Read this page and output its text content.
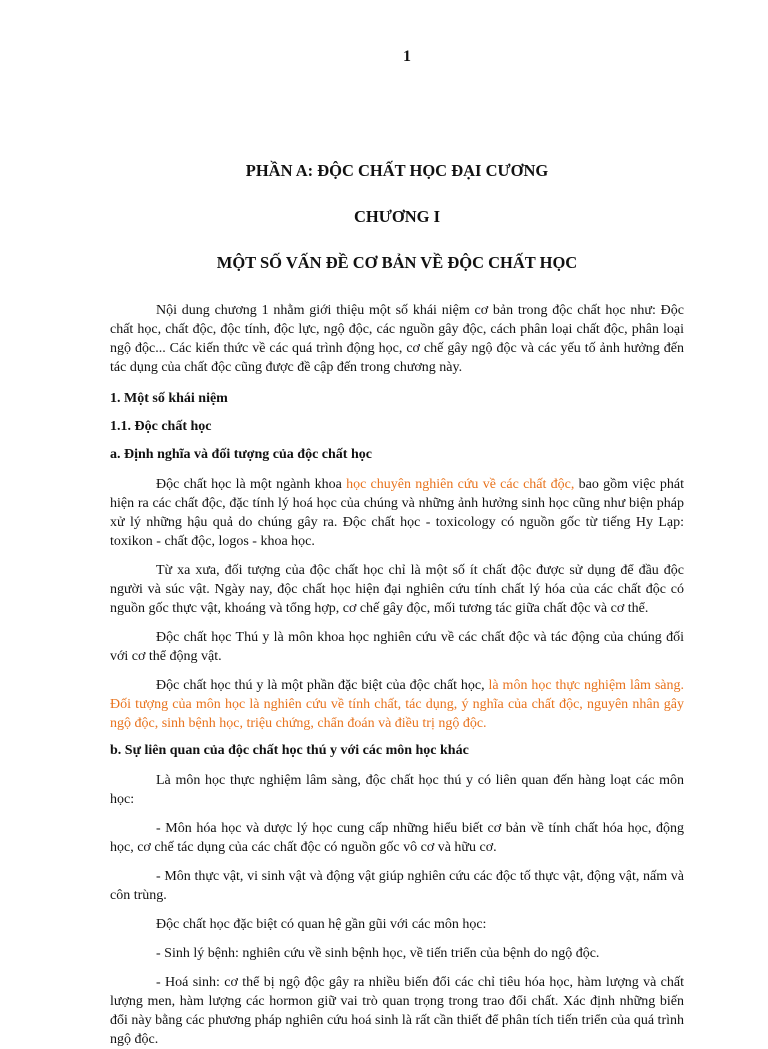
1

PHẦN A: ĐỘC CHẤT HỌC ĐẠI CƯƠNG

CHƯƠNG I

MỘT SỐ VẤN ĐỀ CƠ BẢN VỀ ĐỘC CHẤT HỌC

Nội dung chương 1 nhằm giới thiệu một số khái niệm cơ bản trong độc chất học như: Độc chất học, chất độc, độc tính, độc lực, ngộ độc, các nguồn gây độc, cách phân loại chất độc, phân loại ngộ độc... Các kiến thức về các quá trình động học, cơ chế gây ngộ độc và các yếu tố ảnh hưởng đến tác dụng của chất độc cũng được đề cập đến trong chương này.

1. Một số khái niệm

1.1. Độc chất học

a. Định nghĩa và đối tượng của độc chất học

Độc chất học là một ngành khoa học chuyên nghiên cứu về các chất độc, bao gồm việc phát hiện ra các chất độc, đặc tính lý hoá học của chúng và những ảnh hưởng sinh học cũng như biện pháp xử lý những hậu quả do chúng gây ra. Độc chất học - toxicology có nguồn gốc từ tiếng Hy Lạp: toxikon - chất độc, logos - khoa học.

Từ xa xưa, đối tượng của độc chất học chỉ là một số ít chất độc được sử dụng để đầu độc người và súc vật. Ngày nay, độc chất học hiện đại nghiên cứu tính chất lý hóa của các chất độc có nguồn gốc thực vật, khoáng và tổng hợp, cơ chế gây độc, mối tương tác giữa chất độc và cơ thể.

Độc chất học Thú y là môn khoa học nghiên cứu về các chất độc và tác động của chúng đối với cơ thể động vật.

Độc chất học thú y là một phần đặc biệt của độc chất học, là môn học thực nghiệm lâm sàng. Đối tượng của môn học là nghiên cứu về tính chất, tác dụng, ý nghĩa của chất độc, nguyên nhân gây ngộ độc, sinh bệnh học, triệu chứng, chẩn đoán và điều trị ngộ độc.

b. Sự liên quan của độc chất học thú y với các môn học khác

Là môn học thực nghiệm lâm sàng, độc chất học thú y có liên quan đến hàng loạt các môn học:

- Môn hóa học và dược lý học cung cấp những hiểu biết cơ bản về tính chất hóa học, động học, cơ chế tác dụng của các chất độc có nguồn gốc vô cơ và hữu cơ.

- Môn thực vật, vi sinh vật và động vật giúp nghiên cứu các độc tố thực vật, động vật, nấm và côn trùng.

Độc chất học đặc biệt có quan hệ gần gũi với các môn học:

- Sinh lý bệnh: nghiên cứu về sinh bệnh học, về tiến triển của bệnh do ngộ độc.

- Hoá sinh: cơ thể bị ngộ độc gây ra nhiều biến đổi các chỉ tiêu hóa học, hàm lượng và chất lượng men, hàm lượng các hormon giữ vai trò quan trọng trong trao đổi chất. Xác định những biến đổi này bằng các phương pháp nghiên cứu hoá sinh là rất cần thiết để phân tích tiến triển của quá trình ngộ độc.
